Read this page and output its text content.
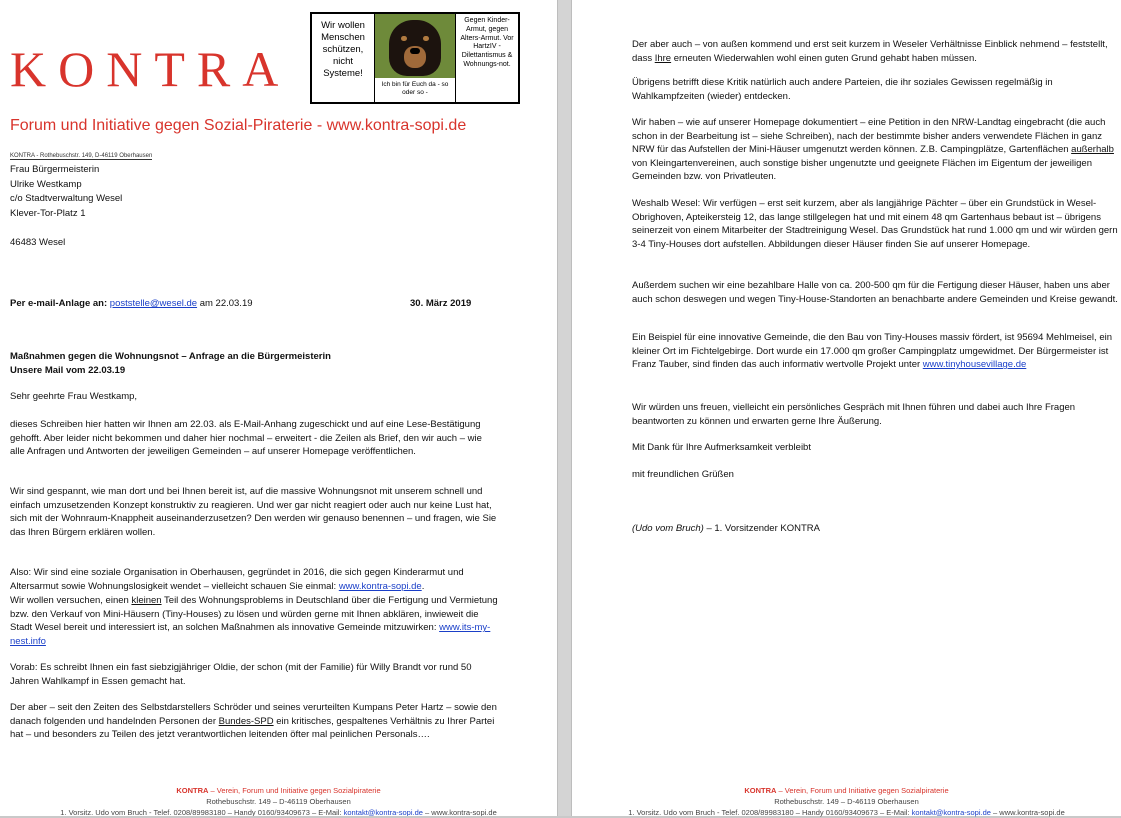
KONTRA
Forum und Initiative gegen Sozial-Piraterie - www.kontra-sopi.de
Wir wollen Menschen schützen, nicht Systeme!
Ich bin für Euch da - so oder so -
Gegen Kinder-Armut, gegen Alters-Armut. Vor HartzIV - Dilettantismus & Wohnungs-not.
KONTRA - Rothebuschstr. 149, D-46119 Oberhausen
Frau Bürgermeisterin
Ulrike Westkamp
c/o Stadtverwaltung Wesel
Klever-Tor-Platz 1
46483 Wesel
Per e-mail-Anlage an: poststelle@wesel.de am 22.03.19	30. März 2019
Maßnahmen gegen die Wohnungsnot – Anfrage an die Bürgermeisterin
Unsere Mail vom 22.03.19
Sehr geehrte Frau Westkamp,
dieses Schreiben hier hatten wir Ihnen am 22.03. als E-Mail-Anhang zugeschickt und auf eine Lese-Bestätigung gehofft. Aber leider nicht bekommen und daher hier nochmal – erweitert - die Zeilen als Brief, den wir auch – wie alle Anfragen und Antworten der jeweiligen Gemeinden – auf unserer Homepage veröffentlichen.
Wir sind gespannt, wie man dort und bei Ihnen bereit ist, auf die massive Wohnungsnot mit unserem schnell und einfach umzusetzenden Konzept konstruktiv zu reagieren. Und wer gar nicht reagiert oder auch nur keine Lust hat, sich mit der Wohnraum-Knappheit auseinanderzusetzen? Den werden wir genauso benennen – und fragen, wie Sie das Ihren Bürgern erklären wollen.
Also: Wir sind eine soziale Organisation in Oberhausen, gegründet in 2016, die sich gegen Kinderarmut und Altersarmut sowie Wohnungslosigkeit wendet – vielleicht schauen Sie einmal: www.kontra-sopi.de.
Wir wollen versuchen, einen kleinen Teil des Wohnungsproblems in Deutschland über die Fertigung und Vermietung bzw. den Verkauf von Mini-Häusern (Tiny-Houses) zu lösen und würden gerne mit Ihnen abklären, inwieweit die Stadt Wesel bereit und interessiert ist, an solchen Maßnahmen als innovative Gemeinde mitzuwirken: www.its-my-nest.info
Vorab: Es schreibt Ihnen ein fast siebzigjähriger Oldie, der schon (mit der Familie) für Willy Brandt vor rund 50 Jahren Wahlkampf in Essen gemacht hat.
Der aber – seit den Zeiten des Selbstdarstellers Schröder und seines verurteilten Kumpans Peter Hartz – sowie den danach folgenden und handelnden Personen der Bundes-SPD ein kritisches, gespaltenes Verhältnis zu Ihrer Partei hat – und besonders zu Teilen des jetzt verantwortlichen leitenden öfter mal peinlichen Personals….
KONTRA – Verein, Forum und Initiative gegen Sozialpiraterie
Rothebuschstr. 149 – D-46119 Oberhausen
1. Vorsitz. Udo vom Bruch - Telef. 0208/89983180 – Handy 0160/93409673 – E-Mail: kontakt@kontra-sopi.de – www.kontra-sopi.de
Der aber auch – von außen kommend und erst seit kurzem in Weseler Verhältnisse Einblick nehmend – feststellt, dass Ihre erneuten Wiederwahlen wohl einen guten Grund gehabt haben müssen.
Übrigens betrifft diese Kritik natürlich auch andere Parteien, die ihr soziales Gewissen regelmäßig in Wahlkampfzeiten (wieder) entdecken.
Wir haben – wie auf unserer Homepage dokumentiert – eine Petition in den NRW-Landtag eingebracht (die auch schon in der Bearbeitung ist – siehe Schreiben), nach der bestimmte bisher anders verwendete Flächen in ganz NRW für das Aufstellen der Mini-Häuser umgenutzt werden können. Z.B. Campingplätze, Gartenflächen außerhalb von Kleingartenvereinen, auch sonstige bisher ungenutzte und geeignete Flächen im Eigentum der jeweiligen Gemeinden bzw. von Privatleuten.
Weshalb Wesel: Wir verfügen – erst seit kurzem, aber als langjährige Pächter – über ein Grundstück in Wesel-Obrighoven, Apteikersteig 12, das lange stillgelegen hat und mit einem 48 qm Gartenhaus bebaut ist – übrigens seinerzeit von einem Mitarbeiter der Stadtreinigung Wesel. Das Grundstück hat rund 1.000 qm und wir würden gern 3-4 Tiny-Houses dort aufstellen. Abbildungen dieser Häuser finden Sie auf unserer Homepage.
Außerdem suchen wir eine bezahlbare Halle von ca. 200-500 qm für die Fertigung dieser Häuser, haben uns aber auch schon deswegen und wegen Tiny-House-Standorten an benachbarte andere Gemeinden und Kreise gewandt.
Ein Beispiel für eine innovative Gemeinde, die den Bau von Tiny-Houses massiv fördert, ist 95694 Mehlmeisel, ein kleiner Ort im Fichtelgebirge. Dort wurde ein 17.000 qm großer Campingplatz umgewidmet. Der Bürgermeister ist Franz Tauber, sind finden das auch informativ wertvolle Projekt unter www.tinyhousevillage.de
Wir würden uns freuen, vielleicht ein persönliches Gespräch mit Ihnen führen und dabei auch Ihre Fragen beantworten zu können und erwarten gerne Ihre Äußerung.
Mit Dank für Ihre Aufmerksamkeit verbleibt
mit freundlichen Grüßen
(Udo vom Bruch) – 1. Vorsitzender KONTRA
KONTRA – Verein, Forum und Initiative gegen Sozialpiraterie
Rothebuschstr. 149 – D-46119 Oberhausen
1. Vorsitz. Udo vom Bruch - Telef. 0208/89983180 – Handy 0160/93409673 – E-Mail: kontakt@kontra-sopi.de – www.kontra-sopi.de
